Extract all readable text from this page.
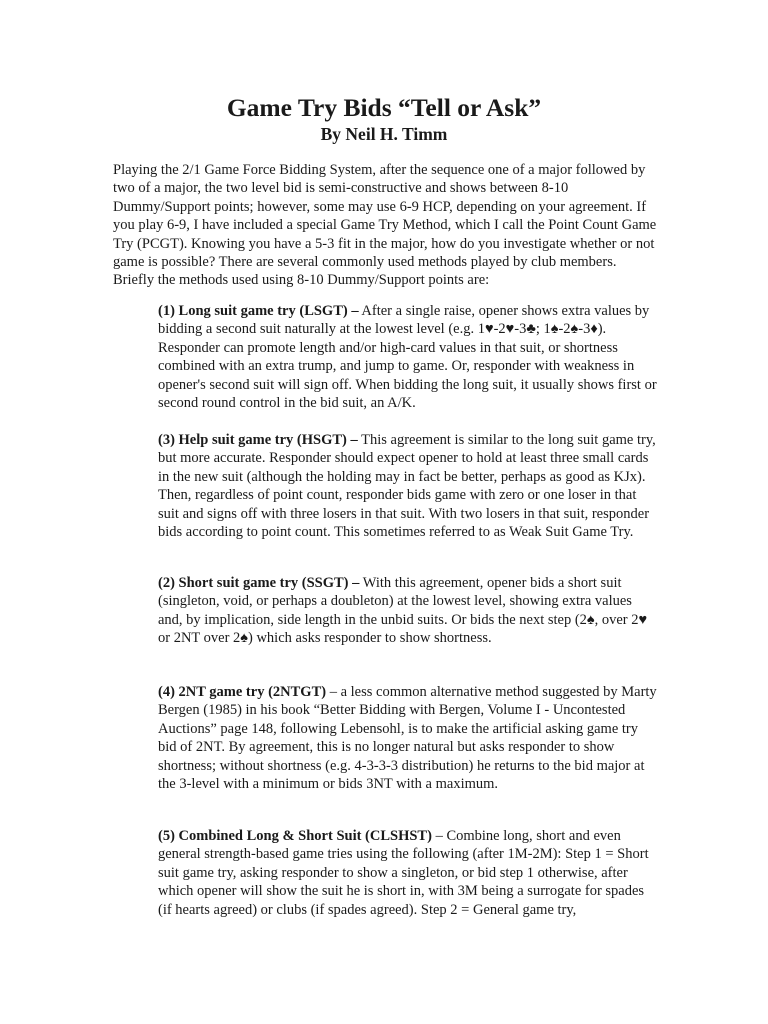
Game Try Bids “Tell or Ask”

By Neil H. Timm

Playing the 2/1 Game Force Bidding System, after the sequence one of a major followed by two of a major, the two level bid is semi-constructive and shows between 8-10 Dummy/Support points; however, some may use 6-9 HCP, depending on your agreement. If you play 6-9, I have included a special Game Try Method, which I call the Point Count Game Try (PCGT). Knowing you have a 5-3 fit in the major, how do you investigate whether or not game is possible? There are several commonly used methods played by club members. Briefly the methods used using 8-10 Dummy/Support points are:

(1) Long suit game try (LSGT) – After a single raise, opener shows extra values by bidding a second suit naturally at the lowest level (e.g. 1♥-2♥-3♣; 1♠-2♠-3♦). Responder can promote length and/or high-card values in that suit, or shortness combined with an extra trump, and jump to game. Or, responder with weakness in opener's second suit will sign off. When bidding the long suit, it usually shows first or second round control in the bid suit, an A/K.

(3) Help suit game try (HSGT) – This agreement is similar to the long suit game try, but more accurate. Responder should expect opener to hold at least three small cards in the new suit (although the holding may in fact be better, perhaps as good as KJx). Then, regardless of point count, responder bids game with zero or one loser in that suit and signs off with three losers in that suit. With two losers in that suit, responder bids according to point count. This sometimes referred to as Weak Suit Game Try.

(2) Short suit game try (SSGT) – With this agreement, opener bids a short suit (singleton, void, or perhaps a doubleton) at the lowest level, showing extra values and, by implication, side length in the unbid suits. Or bids the next step (2♠, over 2♥ or 2NT over 2♠) which asks responder to show shortness.

(4) 2NT game try (2NTGT) – a less common alternative method suggested by Marty Bergen (1985) in his book “Better Bidding with Bergen, Volume I - Uncontested Auctions” page 148, following Lebensohl, is to make the artificial asking game try bid of 2NT. By agreement, this is no longer natural but asks responder to show shortness; without shortness (e.g. 4-3-3-3 distribution) he returns to the bid major at the 3-level with a minimum or bids 3NT with a maximum.

(5) Combined Long & Short Suit (CLSHST) – Combine long, short and even general strength-based game tries using the following (after 1M-2M): Step 1 = Short suit game try, asking responder to show a singleton, or bid step 1 otherwise, after which opener will show the suit he is short in, with 3M being a surrogate for spades (if hearts agreed) or clubs (if spades agreed). Step 2 = General game try,
